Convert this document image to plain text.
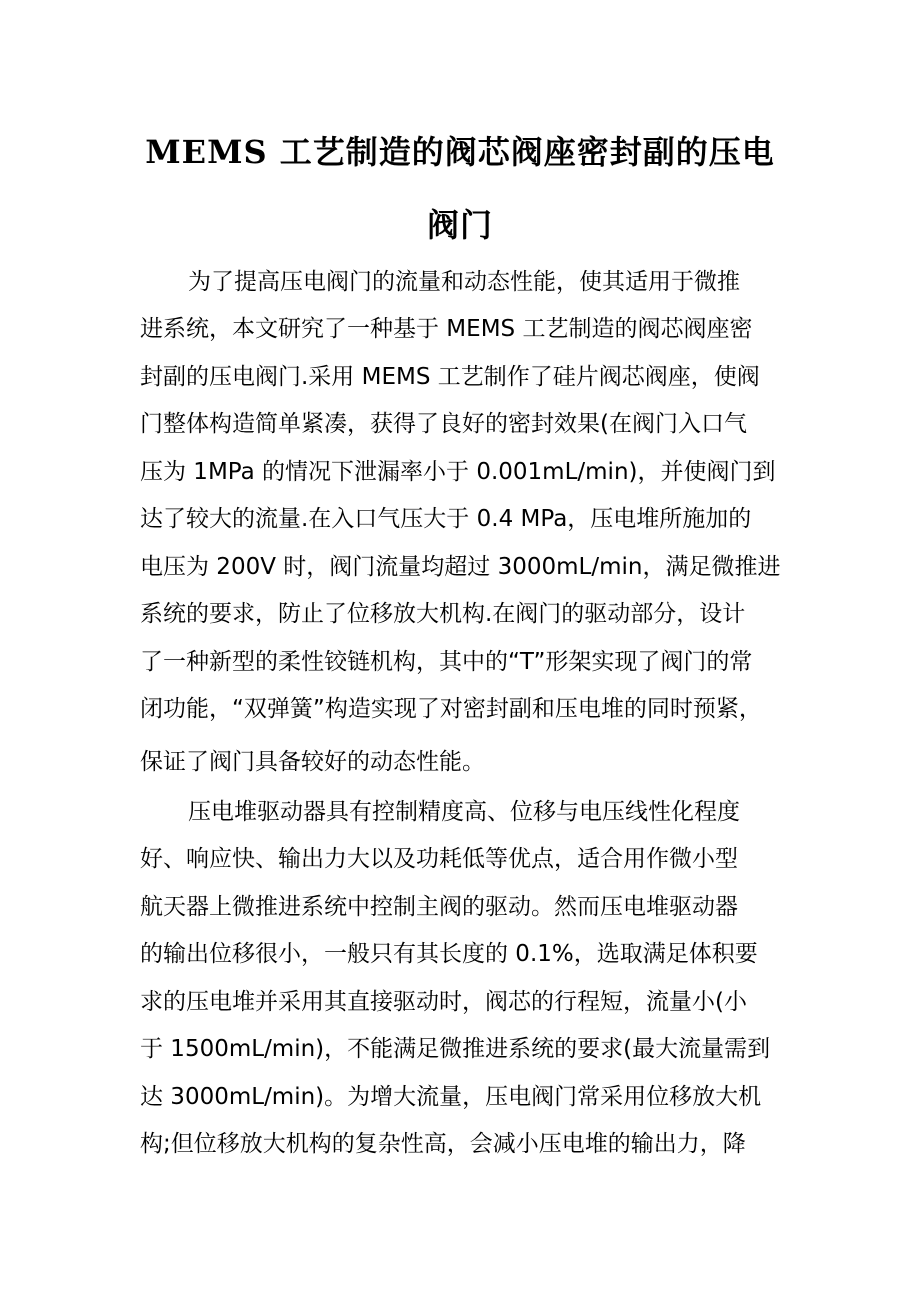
MEMS 工艺制造的阀芯阀座密封副的压电
阀门

为了提高压电阀门的流量和动态性能，使其适用于微推

进系统，本文研究了一种基于 MEMS 工艺制造的阀芯阀座密

封副的压电阀门.采用 MEMS 工艺制作了硅片阀芯阀座，使阀

门整体构造简单紧凑，获得了良好的密封效果(在阀门入口气

压为 1MPa 的情况下泄漏率小于 0.001mL/min)，并使阀门到

达了较大的流量.在入口气压大于 0.4 MPa，压电堆所施加的

电压为 200V 时，阀门流量均超过 3000mL/min，满足微推进

系统的要求，防止了位移放大机构.在阀门的驱动部分，设计

了一种新型的柔性铰链机构，其中的“T”形架实现了阀门的常

闭功能，“双弹簧”构造实现了对密封副和压电堆的同时预紧，

保证了阀门具备较好的动态性能。

压电堆驱动器具有控制精度高、位移与电压线性化程度

好、响应快、输出力大以及功耗低等优点，适合用作微小型

航天器上微推进系统中控制主阀的驱动。然而压电堆驱动器

的输出位移很小，一般只有其长度的 0.1%，选取满足体积要

求的压电堆并采用其直接驱动时，阀芯的行程短，流量小(小

于 1500mL/min)，不能满足微推进系统的要求(最大流量需到

达 3000mL/min)。为增大流量，压电阀门常采用位移放大机

构;但位移放大机构的复杂性高，会减小压电堆的输出力，降
